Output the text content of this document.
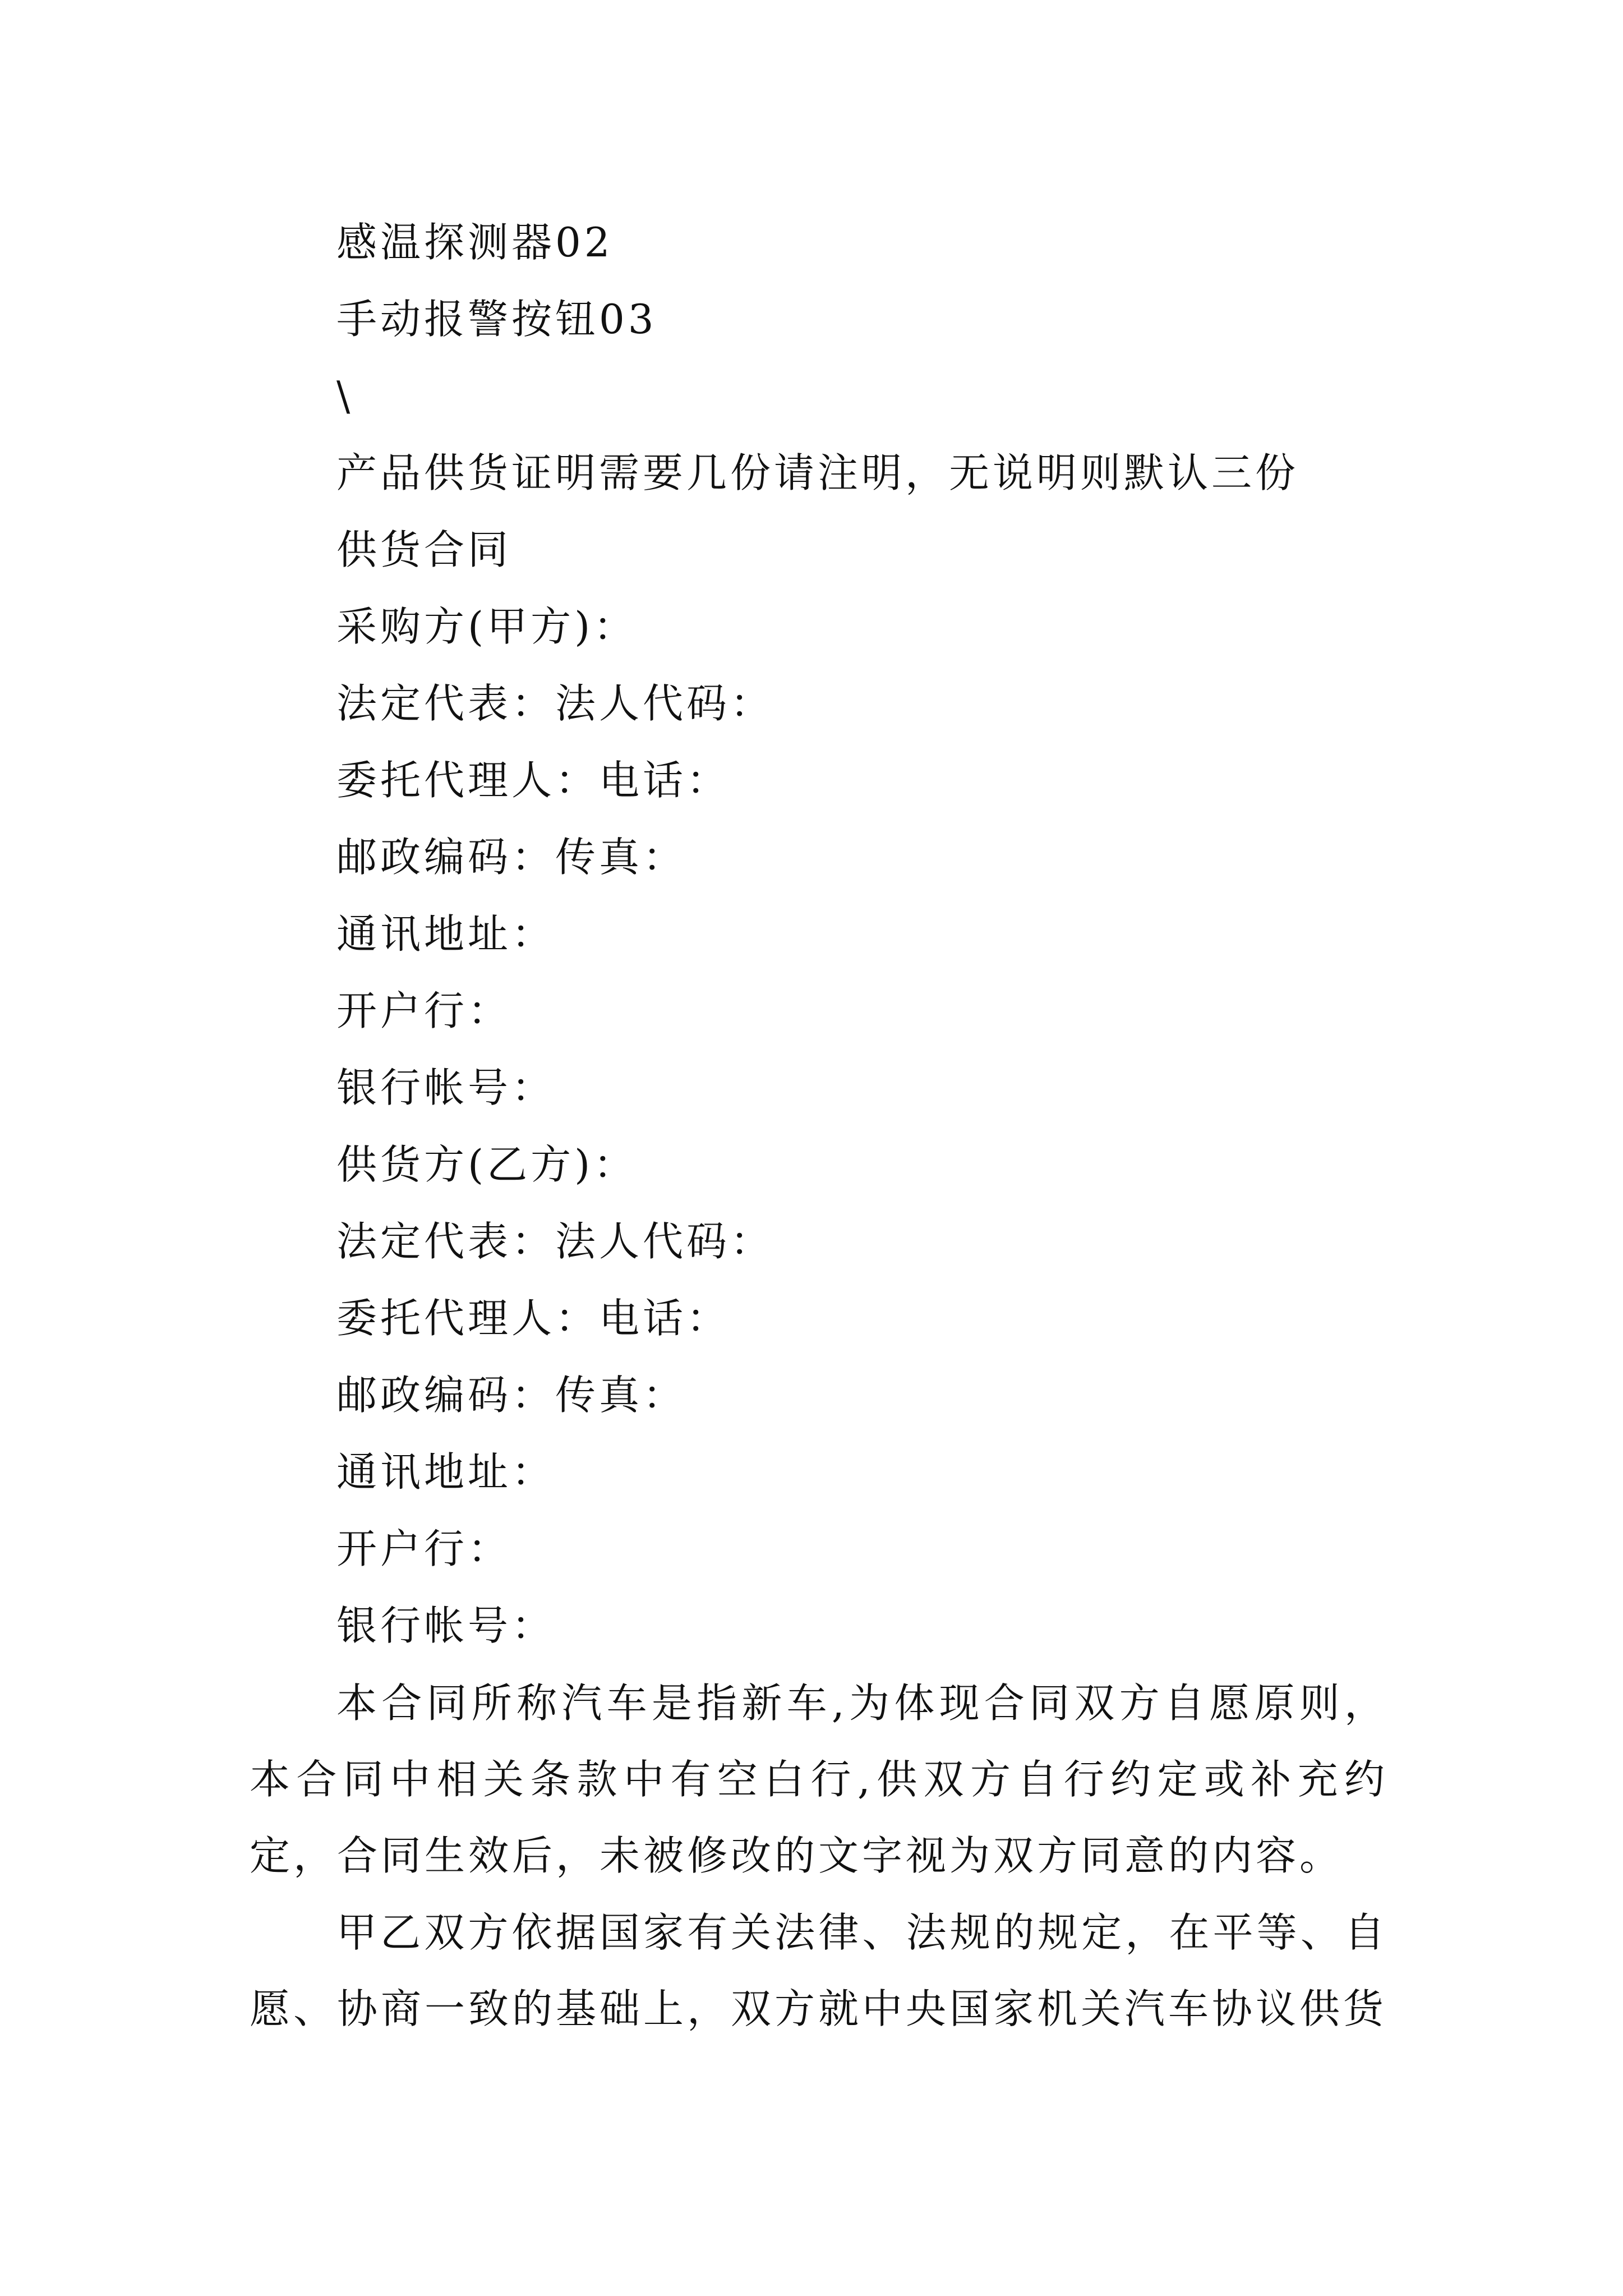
感温探测器02
手动报警按钮03
\
产品供货证明需要几份请注明，无说明则默认三份
供货合同
采购方(甲方)：
法定代表：法人代码：
委托代理人：电话：
邮政编码：传真：
通讯地址：
开户行：
银行帐号：
供货方(乙方)：
法定代表：法人代码：
委托代理人：电话：
邮政编码：传真：
通讯地址：
开户行：
银行帐号：
本合同所称汽车是指新车,为体现合同双方自愿原则，本合同中相关条款中有空白行,供双方自行约定或补充约定，合同生效后，未被修改的文字视为双方同意的内容。
甲乙双方依据国家有关法律、法规的规定，在平等、自愿、协商一致的基础上，双方就中央国家机关汽车协议供货
